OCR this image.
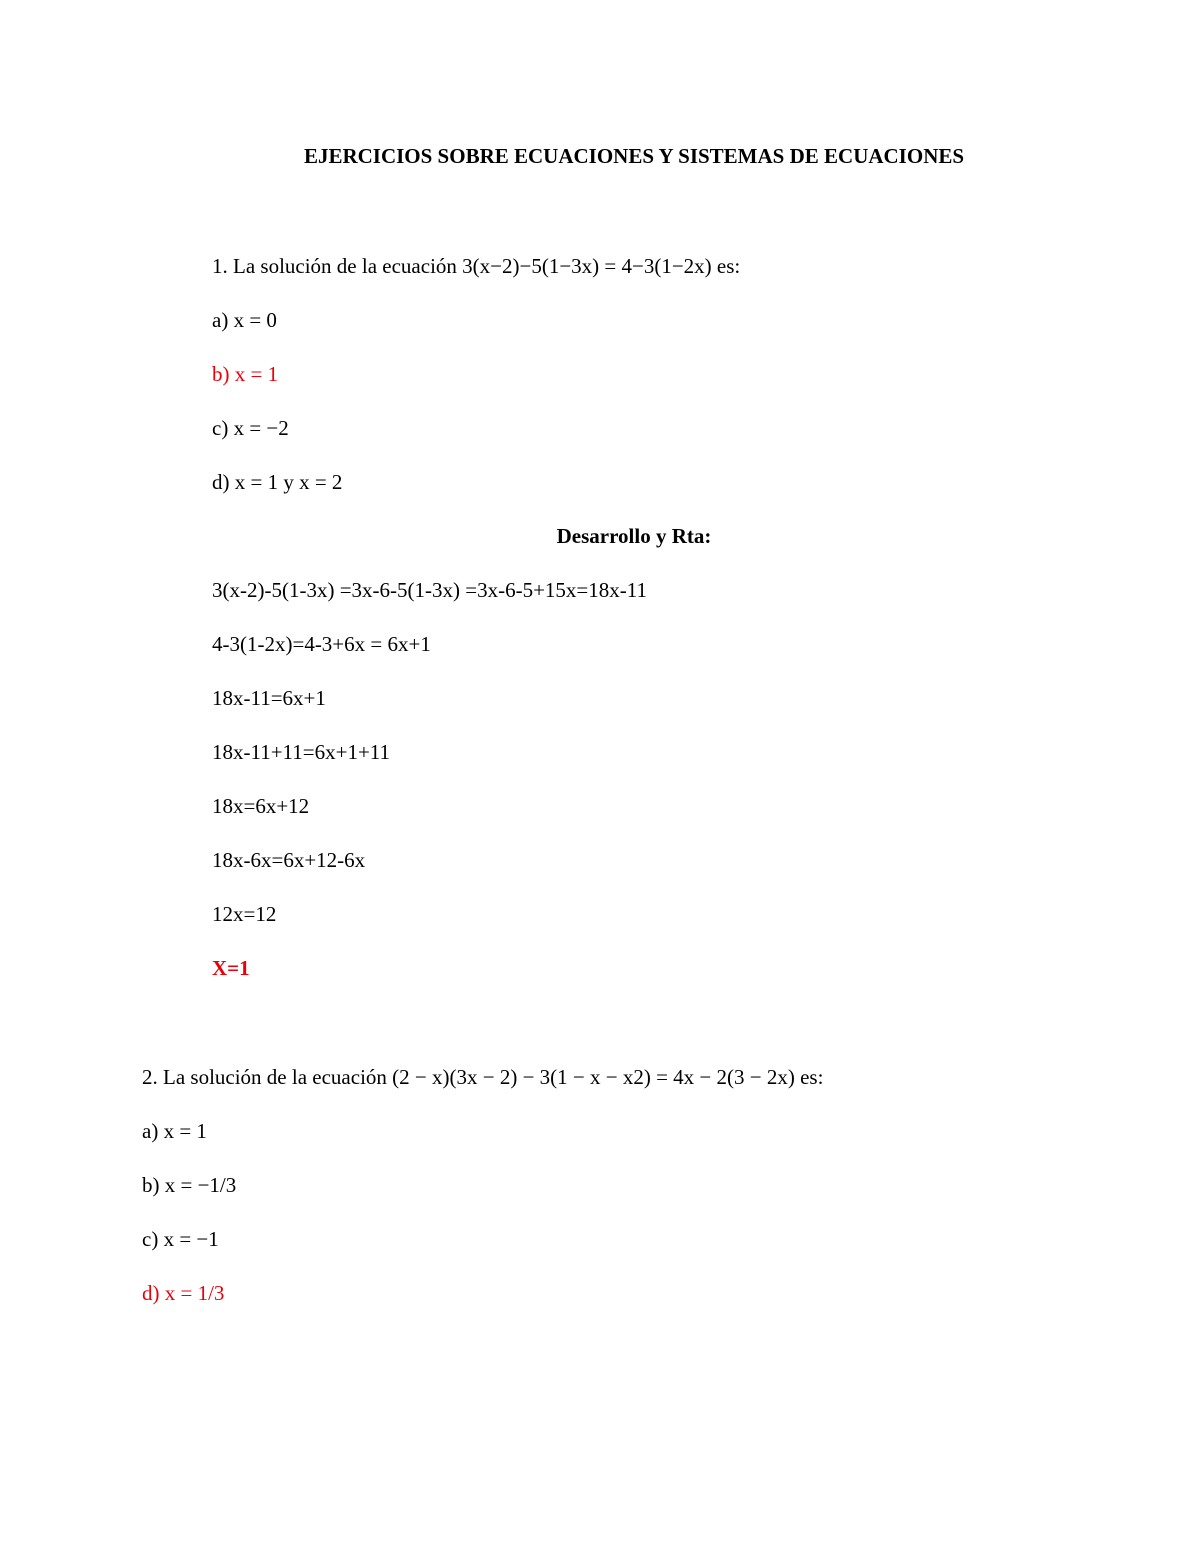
EJERCICIOS SOBRE ECUACIONES Y SISTEMAS DE ECUACIONES
1. La solución de la ecuación 3(x−2)−5(1−3x) = 4−3(1−2x) es:
a) x = 0
b) x = 1
c) x = −2
d) x = 1 y x = 2
Desarrollo y Rta:
3(x-2)-5(1-3x) =3x-6-5(1-3x) =3x-6-5+15x=18x-11
4-3(1-2x)=4-3+6x = 6x+1
18x-11=6x+1
18x-11+11=6x+1+11
18x=6x+12
18x-6x=6x+12-6x
12x=12
X=1
2. La solución de la ecuación (2 − x)(3x − 2) − 3(1 − x − x2) = 4x − 2(3 − 2x) es:
a) x = 1
b) x = −1/3
c) x = −1
d) x = 1/3
